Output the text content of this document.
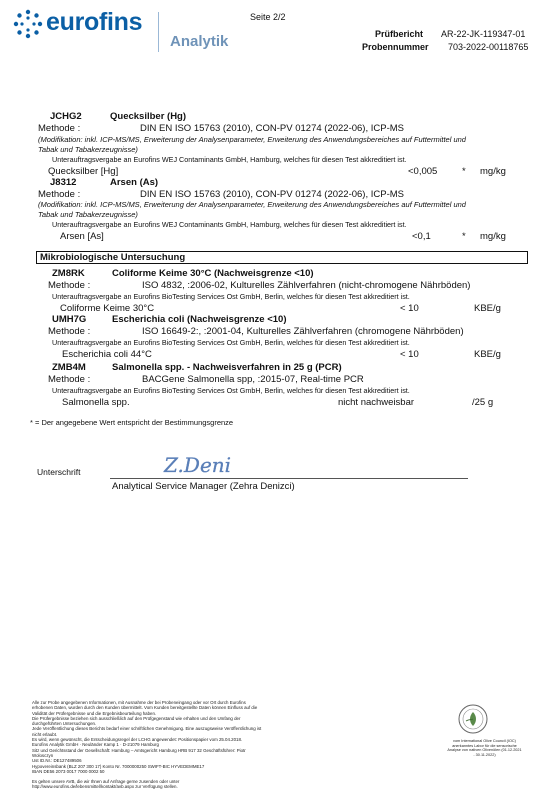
eurofins
Analytik
Seite 2/2
Prüfbericht AR-22-JK-119347-01
Probennummer 703-2022-00118765
JCHG2	Quecksilber (Hg)
Methode :	DIN EN ISO 15763 (2010), CON-PV 01274 (2022-06), ICP-MS
(Modifikation: inkl. ICP-MS/MS, Erweiterung der Analysenparameter, Erweiterung des Anwendungsbereiches auf Futtermittel und
Tabak und Tabakerzeugnisse)
Unterauftragsvergabe an Eurofins WEJ Contaminants GmbH, Hamburg, welches für diesen Test akkreditiert ist.
Quecksilber [Hg]	<0,005	* mg/kg
J8312	Arsen (As)
Methode :	DIN EN ISO 15763 (2010), CON-PV 01274 (2022-06), ICP-MS
(Modifikation: inkl. ICP-MS/MS, Erweiterung der Analysenparameter, Erweiterung des Anwendungsbereiches auf Futtermittel und
Tabak und Tabakerzeugnisse)
Unterauftragsvergabe an Eurofins WEJ Contaminants GmbH, Hamburg, welches für diesen Test akkreditiert ist.
Arsen [As]	<0,1	* mg/kg
Mikrobiologische Untersuchung
ZM8RK	Coliforme Keime 30°C (Nachweisgrenze <10)
Methode :	ISO 4832, :2006-02, Kulturelles Zählverfahren (nicht-chromogene Nährböden)
Unterauftragsvergabe an Eurofins BioTesting Services Ost GmbH, Berlin, welches für diesen Test akkreditiert ist.
Coliforme Keime 30°C	< 10	KBE/g
UMH7G	Escherichia coli (Nachweisgrenze <10)
Methode :	ISO 16649-2:, :2001-04, Kulturelles Zählverfahren (chromogene Nährböden)
Unterauftragsvergabe an Eurofins BioTesting Services Ost GmbH, Berlin, welches für diesen Test akkreditiert ist.
Escherichia coli 44°C	< 10	KBE/g
ZMB4M	Salmonella spp. - Nachweisverfahren in 25 g (PCR)
Methode :	BACGene Salmonella spp, :2015-07, Real-time PCR
Unterauftragsvergabe an Eurofins BioTesting Services Ost GmbH, Berlin, welches für diesen Test akkreditiert ist.
Salmonella spp.	nicht nachweisbar	/25 g
* = Der angegebene Wert entspricht der Bestimmungsgrenze
Unterschrift	Z.Deni
Analytical Service Manager (Zehra Denizci)
Alle zur Probe angegebenen Informationen, mit Ausnahme der bei Probeneingang oder vor Ort durch Eurofins
erhobenen Daten, wurden durch den Kunden übermittelt. Vom Kunden bereitgestellte Daten können Einfluss auf die
Validität der Prüfergebnisse und die Ergebnisbeurteilung haben.
Die Prüfergebnisse beziehen sich ausschließlich auf den Prüfgegenstand wie erhalten und den Umfang der
durchgeführten Untersuchungen.
Jede Veröffentlichung dieses Berichts bedarf einer schriftlichen Genehmigung. Eine auszugsweise Veröffentlichung ist
nicht erlaubt.
Es wird, wenn gewünscht, die Entscheidungsregel der LCHG angewendet: Positionspapier vom 25.04.2018.
Eurofins Analytik GmbH · Neuländer Kamp 1 · D-21079 Hamburg
Sitz und Gerichtsstand der Gesellschaft: Hamburg – Amtsgericht Hamburg HRB 917 32 Geschäftsführer: Piotr
Wolosczyn
Ust ID.Nr.: DE127489506
Hypovereinsbank (BLZ 207 300 17) Konto Nr. 7000000250 SWIFT-BIC HYVEDEMME17
IBAN DE56 2073 0017 7000 0002 50
Es gelten unsere AVB, die wir Ihnen auf Anfrage gerne zusenden oder unter
http://www.eurofins.de/lebensmittel/kontakt/avb.aspx zur Verfügung stellen.
vom International Olive Council (IOC) anerkanntes Labor für die sensorische Analyse von nativen Olivenölen (01.12.2021 - 30.11.2022)
